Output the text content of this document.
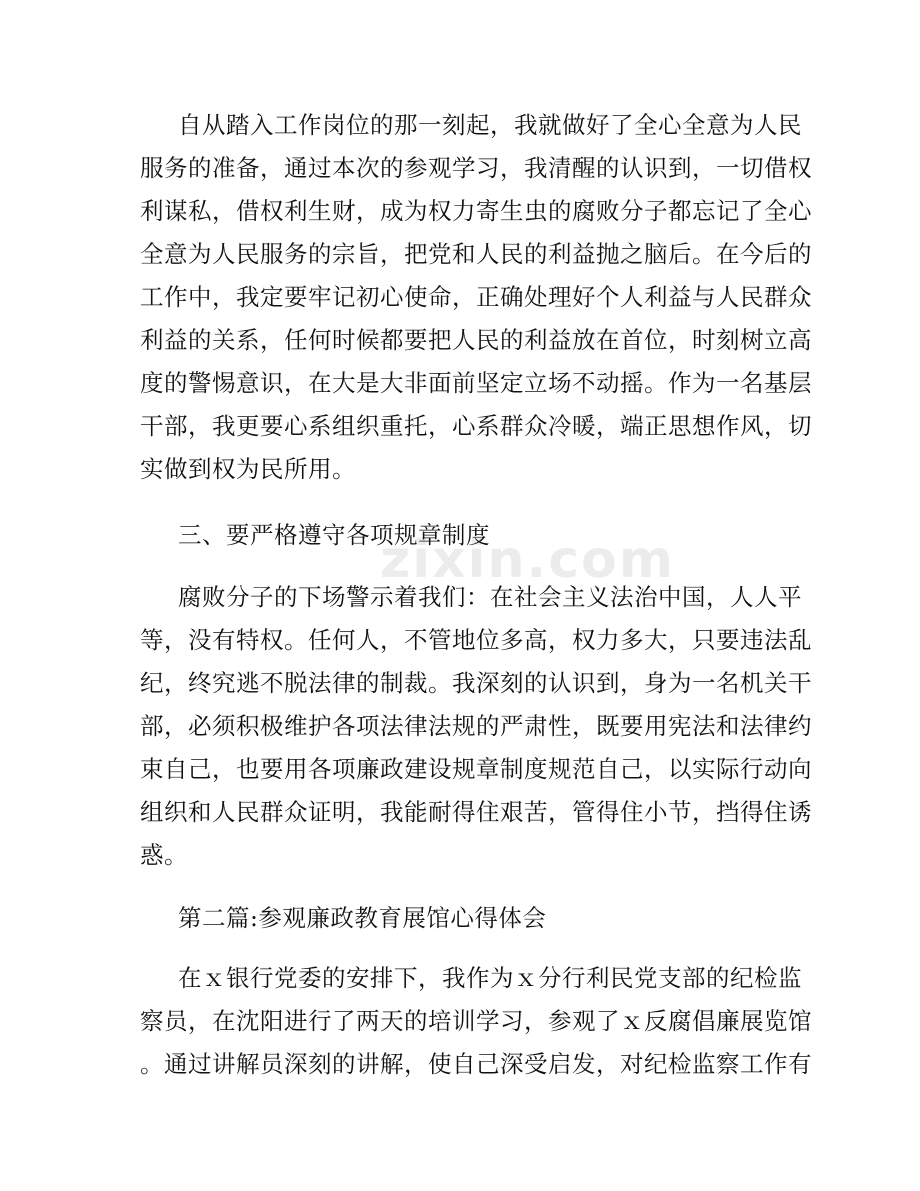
zixin.com
自从踏入工作岗位的那一刻起，我就做好了全心全意为人民
服务的准备，通过本次的参观学习，我清醒的认识到，一切借权
利谋私，借权利生财，成为权力寄生虫的腐败分子都忘记了全心
全意为人民服务的宗旨，把党和人民的利益抛之脑后。在今后的
工作中，我定要牢记初心使命，正确处理好个人利益与人民群众
利益的关系，任何时候都要把人民的利益放在首位，时刻树立高
度的警惕意识，在大是大非面前坚定立场不动摇。作为一名基层
干部，我更要心系组织重托，心系群众冷暖，端正思想作风，切
实做到权为民所用。
三、要严格遵守各项规章制度
腐败分子的下场警示着我们：在社会主义法治中国，人人平
等，没有特权。任何人，不管地位多高，权力多大，只要违法乱
纪，终究逃不脱法律的制裁。我深刻的认识到，身为一名机关干
部，必须积极维护各项法律法规的严肃性，既要用宪法和法律约
束自己，也要用各项廉政建设规章制度规范自己，以实际行动向
组织和人民群众证明，我能耐得住艰苦，管得住小节，挡得住诱
惑。
第二篇:参观廉政教育展馆心得体会
在ｘ银行党委的安排下，我作为ｘ分行利民党支部的纪检监
察员，在沈阳进行了两天的培训学习，参观了ｘ反腐倡廉展览馆
。通过讲解员深刻的讲解，使自己深受启发，对纪检监察工作有
